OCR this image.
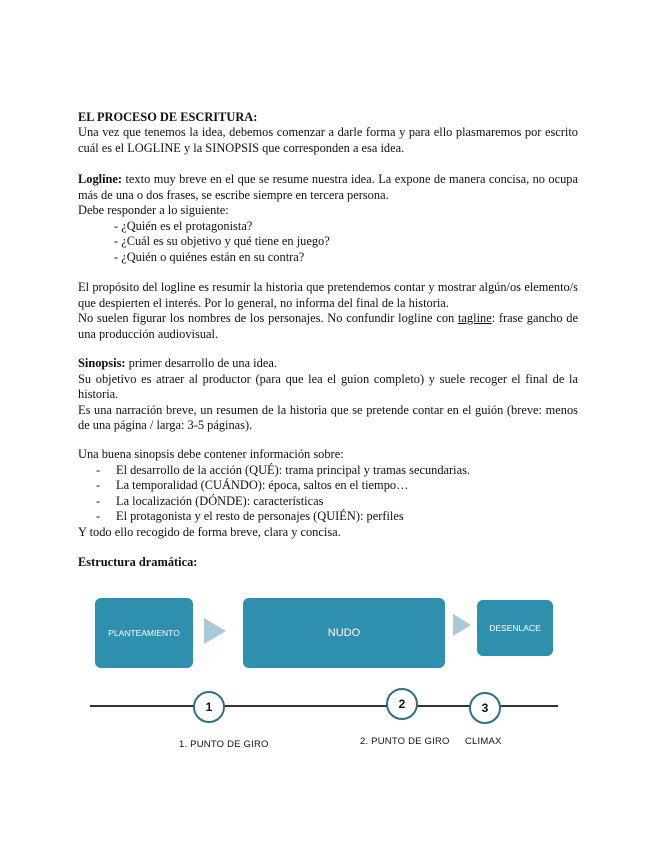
EL PROCESO DE ESCRITURA:

Una vez que tenemos la idea, debemos comenzar a darle forma y para ello plasmaremos por escrito cuál es el LOGLINE y la SINOPSIS que corresponden a esa idea.

Logline: texto muy breve en el que se resume nuestra idea. La expone de manera concisa, no ocupa más de una o dos frases, se escribe siempre en tercera persona.

Debe responder a lo siguiente:

- ¿Quién es el protagonista?

- ¿Cuál es su objetivo y qué tiene en juego?

- ¿Quién o quiénes están en su contra?

El propósito del logline es resumir la historia que pretendemos contar y mostrar algún/os elemento/s que despierten el interés. Por lo general, no informa del final de la historia.

No suelen figurar los nombres de los personajes. No confundir logline con tagline: frase gancho de una producción audiovisual.

Sinopsis: primer desarrollo de una idea.

Su objetivo es atraer al productor (para que lea el guion completo) y suele recoger el final de la historia.

Es una narración breve, un resumen de la historia que se pretende contar en el guión (breve: menos de una página / larga: 3-5 páginas).

Una buena sinopsis debe contener información sobre:

- El desarrollo de la acción (QUÉ): trama principal y tramas secundarias.

- La temporalidad (CUÁNDO): época, saltos en el tiempo…

- La localización (DÓNDE): características

- El protagonista y el resto de personajes (QUIÉN): perfiles

Y todo ello recogido de forma breve, clara y concisa.

Estructura dramática:

PLANTEAMIENTO	NUDO	DESENLACE
1	2	3
1. PUNTO DE GIRO	2. PUNTO DE GIRO CLIMAX
